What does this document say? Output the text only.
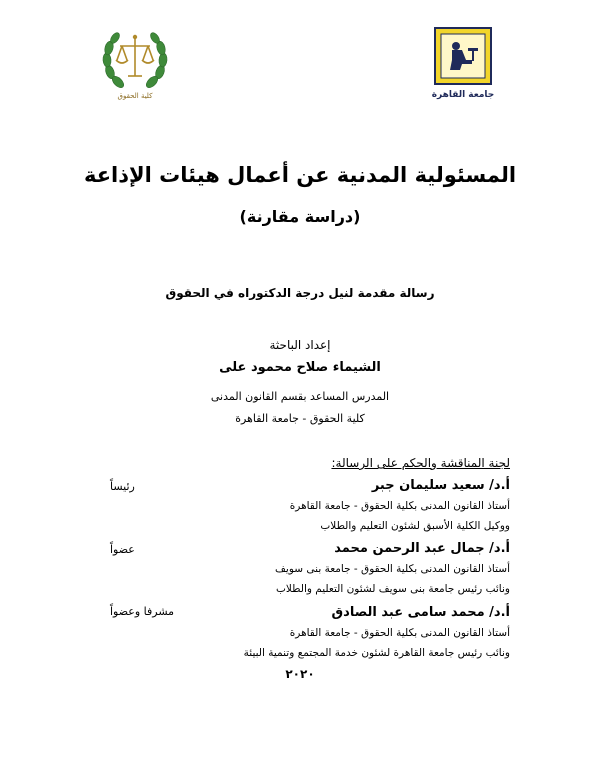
كلية الحقوق	جامعة القاهرة
المسئولية المدنية عن أعمال هيئات الإذاعة
(دراسة مقارنة)
رسالة مقدمة لنيل درجة الدكتوراه في الحقوق
إعداد الباحثة
الشيماء صلاح محمود على
المدرس المساعد بقسم القانون المدنى
كلية الحقوق - جامعة القاهرة
لجنة المناقشة والحكم على الرسالة:
أ.د/ سعيد سليمان جبر
رئيساً
أستاذ القانون المدنى بكلية الحقوق - جامعة القاهرة
ووكيل الكلية الأسبق لشئون التعليم والطلاب
أ.د/ جمال عبد الرحمن محمد
عضواً
أستاذ القانون المدنى بكلية الحقوق - جامعة بنى سويف
ونائب رئيس جامعة بنى سويف لشئون التعليم والطلاب
أ.د/ محمد سامى عبد الصادق
مشرفا وعضواً
أستاذ القانون المدنى بكلية الحقوق - جامعة القاهرة
ونائب رئيس جامعة القاهرة لشئون خدمة المجتمع وتنمية البيئة
٢٠٢٠
